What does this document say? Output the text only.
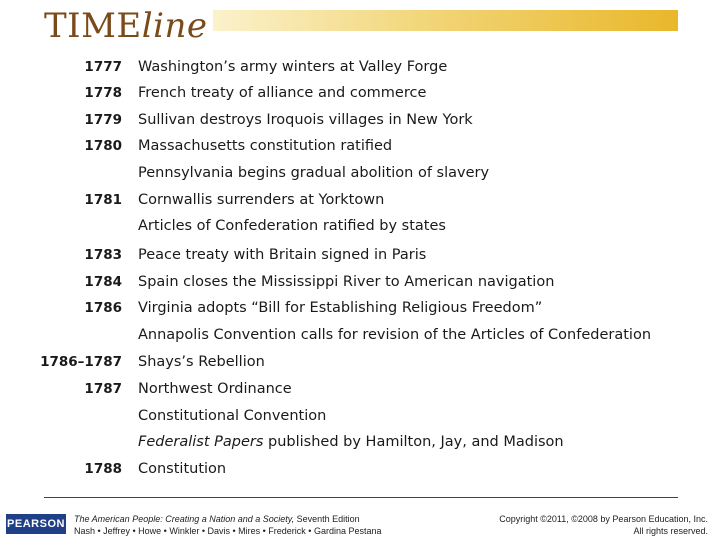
TIMEline
1777 Washington’s army winters at Valley Forge
1778 French treaty of alliance and commerce
1779 Sullivan destroys Iroquois villages in New York
1780 Massachusetts constitution ratified
Pennsylvania begins gradual abolition of slavery
1781 Cornwallis surrenders at Yorktown
Articles of Confederation ratified by states
1783 Peace treaty with Britain signed in Paris
1784 Spain closes the Mississippi River to American navigation
1786 Virginia adopts “Bill for Establishing Religious Freedom”
Annapolis Convention calls for revision of the Articles of Confederation
1786–1787 Shays’s Rebellion
1787 Northwest Ordinance
Constitutional Convention
Federalist Papers published by Hamilton, Jay, and Madison
1788 Constitution
PEARSON The American People: Creating a Nation and a Society, Seventh Edition
Nash • Jeffrey • Howe • Winkler • Davis • Mires • Frederick • Gardina Pestana
Copyright ©2011, ©2008 by Pearson Education, Inc.
All rights reserved.
